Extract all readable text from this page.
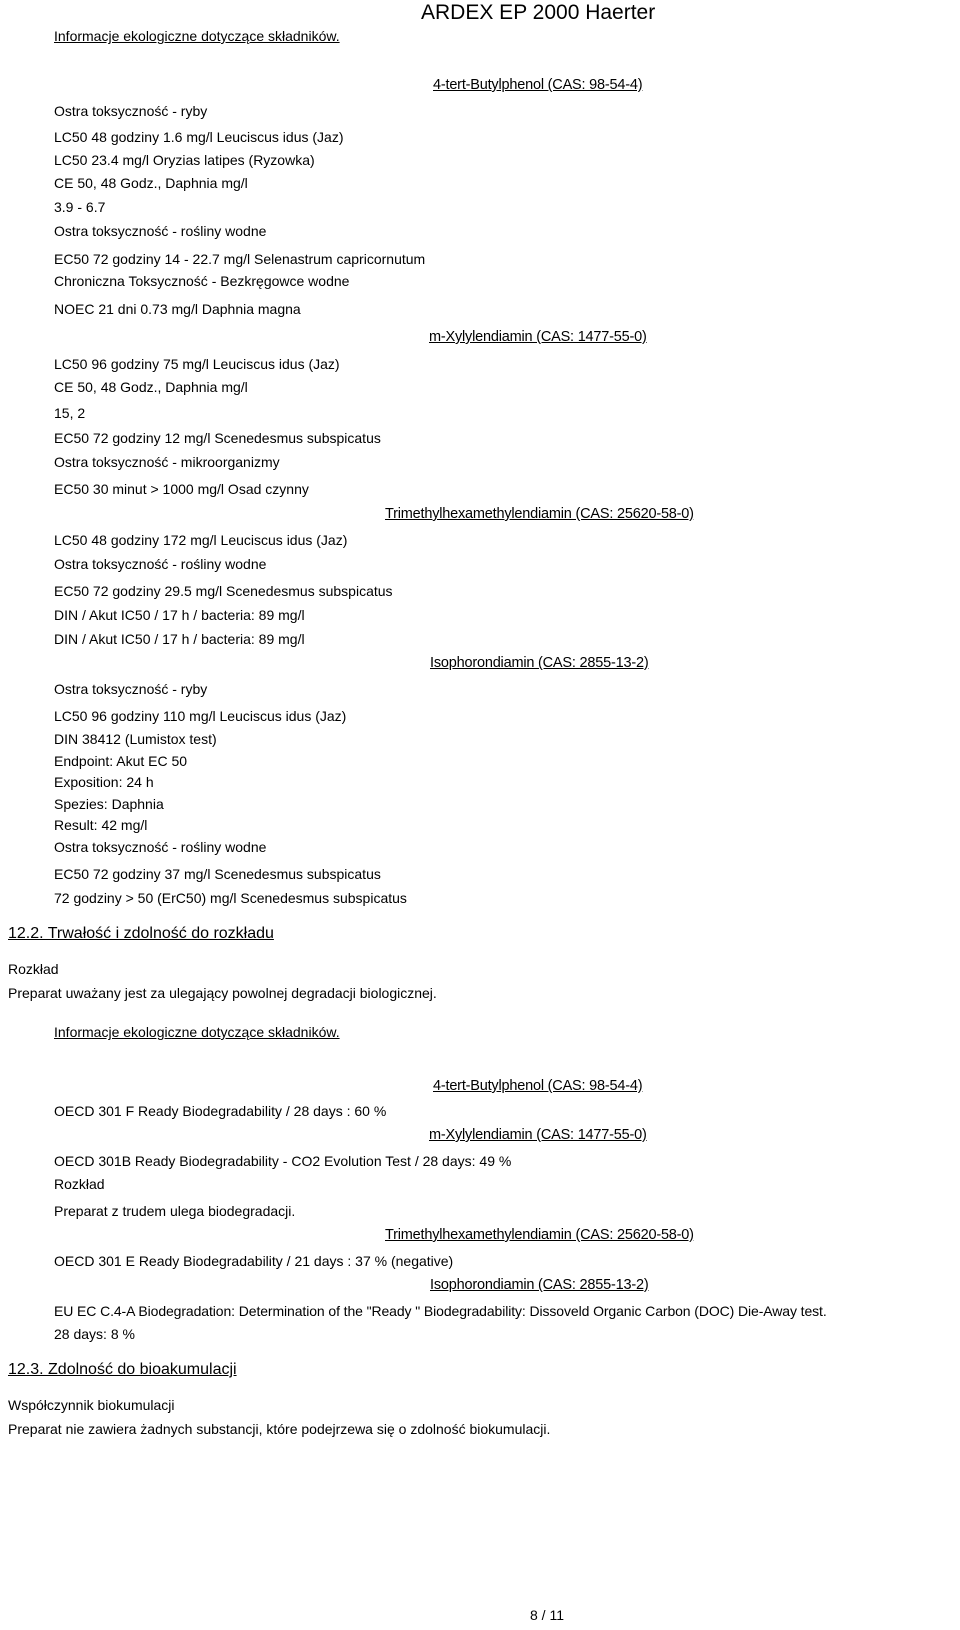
Informacje ekologiczne dotyczące składników.
ARDEX EP 2000 Haerter
4-tert-Butylphenol (CAS: 98-54-4)
Ostra toksyczność - ryby
LC50 48 godziny 1.6 mg/l Leuciscus idus (Jaz)
LC50 23.4 mg/l Oryzias latipes (Ryzowka)
CE 50, 48 Godz., Daphnia mg/l
3.9 - 6.7
Ostra toksyczność - rośliny wodne
EC50 72 godziny 14 - 22.7 mg/l Selenastrum capricornutum
Chroniczna Toksyczność - Bezkręgowce wodne
NOEC 21 dni 0.73 mg/l Daphnia magna
m-Xylylendiamin (CAS: 1477-55-0)
LC50 96 godziny 75 mg/l Leuciscus idus (Jaz)
CE 50, 48 Godz., Daphnia mg/l
15, 2
EC50 72 godziny 12 mg/l Scenedesmus subspicatus
Ostra toksyczność - mikroorganizmy
EC50 30 minut > 1000 mg/l Osad czynny
Trimethylhexamethylendiamin (CAS: 25620-58-0)
LC50 48 godziny 172 mg/l Leuciscus idus (Jaz)
Ostra toksyczność - rośliny wodne
EC50 72 godziny 29.5 mg/l Scenedesmus subspicatus
DIN / Akut IC50 / 17 h / bacteria: 89 mg/l
DIN / Akut IC50 / 17 h / bacteria: 89 mg/l
Isophorondiamin (CAS: 2855-13-2)
Ostra toksyczność - ryby
LC50 96 godziny 110 mg/l Leuciscus idus (Jaz)
DIN 38412 (Lumistox test)
Endpoint: Akut EC 50
Exposition: 24 h
Spezies: Daphnia
Result: 42 mg/l
Ostra toksyczność - rośliny wodne
EC50 72 godziny 37 mg/l Scenedesmus subspicatus
72 godziny > 50 (ErC50) mg/l Scenedesmus subspicatus
12.2. Trwałość i zdolność do rozkładu
Rozkład
Preparat uważany jest za ulegający powolnej degradacji biologicznej.
Informacje ekologiczne dotyczące składników.
4-tert-Butylphenol (CAS: 98-54-4)
OECD 301 F Ready Biodegradability / 28 days : 60 %
m-Xylylendiamin (CAS: 1477-55-0)
OECD 301B Ready Biodegradability - CO2 Evolution Test / 28 days: 49 %
Rozkład
Preparat z trudem ulega biodegradacji.
Trimethylhexamethylendiamin (CAS: 25620-58-0)
OECD 301 E Ready Biodegradability / 21 days : 37 % (negative)
Isophorondiamin (CAS: 2855-13-2)
EU EC C.4-A Biodegradation: Determination of the "Ready " Biodegradability: Dissoveld Organic Carbon (DOC) Die-Away test.
28 days: 8 %
12.3. Zdolność do bioakumulacji
Współczynnik biokumulacji
Preparat nie zawiera żadnych substancji, które podejrzewa się o zdolność biokumulacji.
8 / 11
